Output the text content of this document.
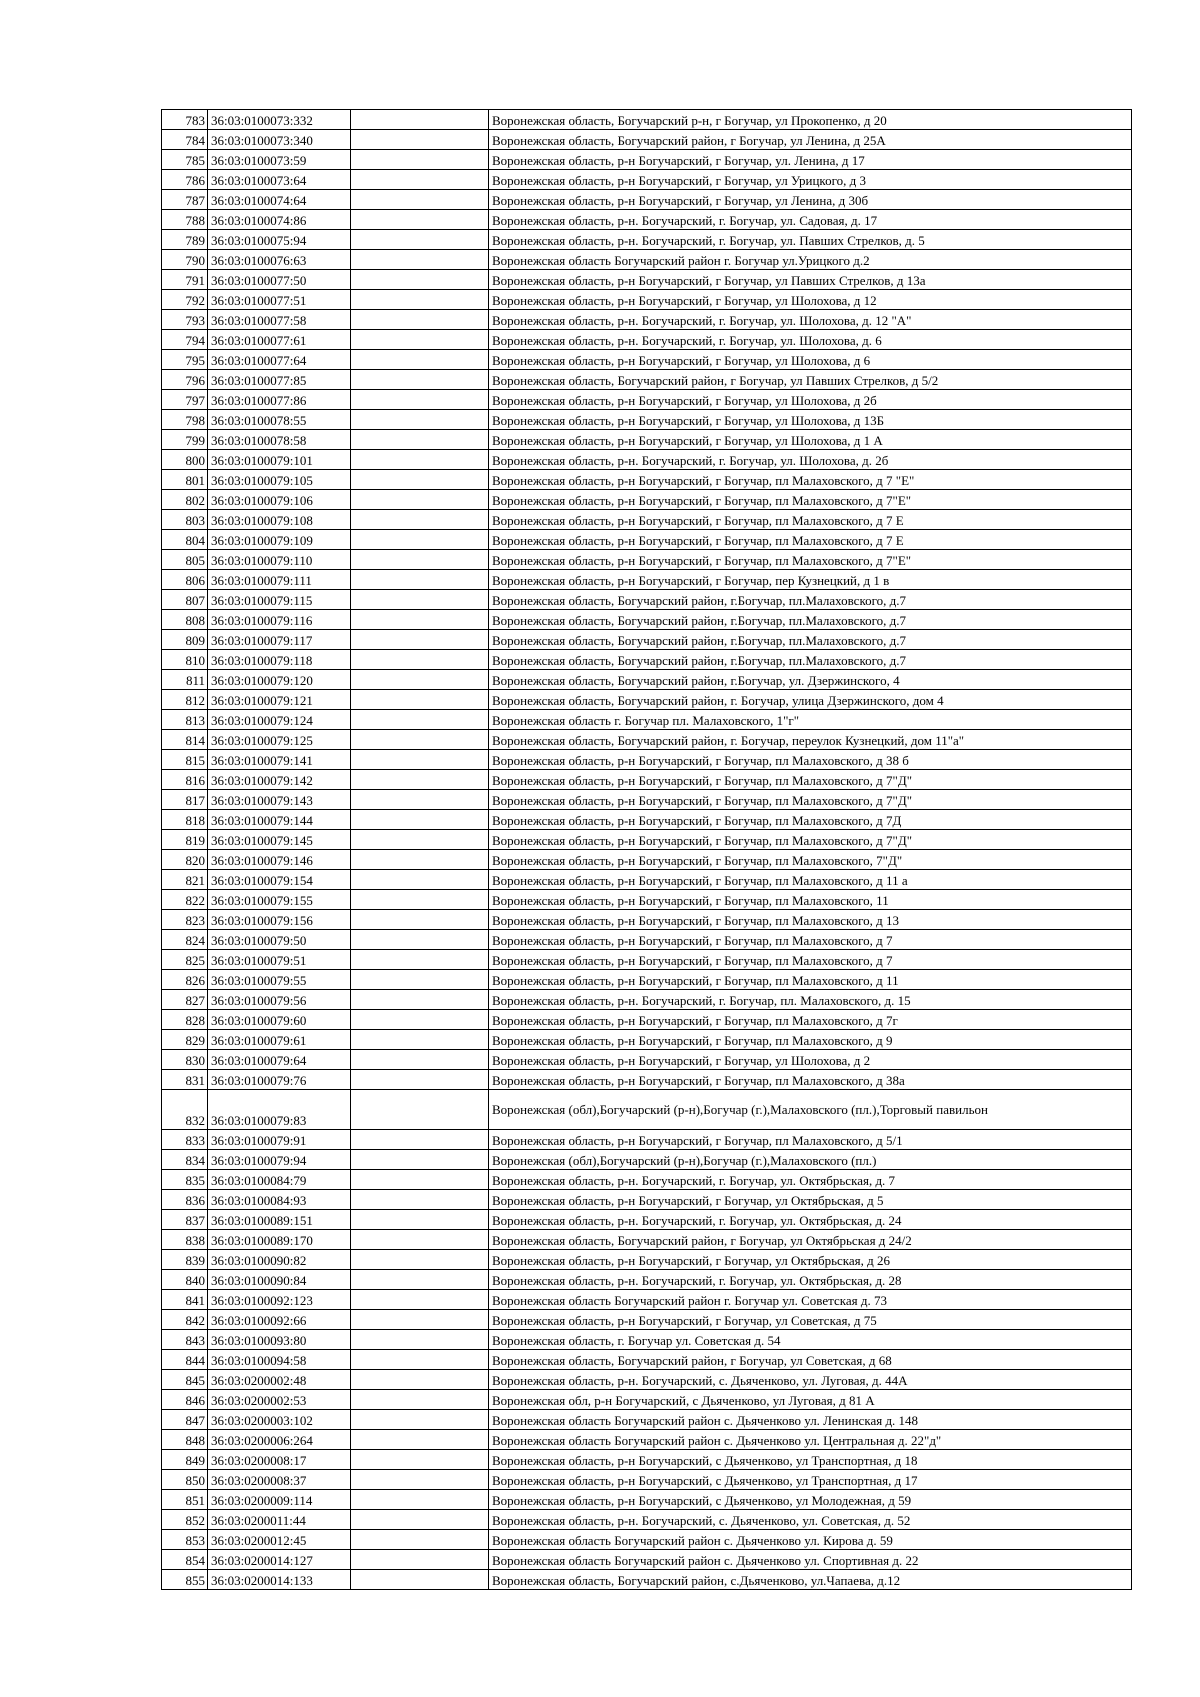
783	36:03:0100073:332		Воронежская область, Богучарский р-н, г Богучар, ул Прокопенко, д 20
784	36:03:0100073:340		Воронежская область, Богучарский район, г Богучар, ул Ленина, д 25А
785	36:03:0100073:59		Воронежская область, р-н Богучарский, г Богучар, ул. Ленина, д 17
786	36:03:0100073:64		Воронежская область, р-н Богучарский, г Богучар, ул Урицкого, д 3
787	36:03:0100074:64		Воронежская область, р-н Богучарский, г Богучар, ул Ленина, д 30б
788	36:03:0100074:86		Воронежская область, р-н. Богучарский, г. Богучар, ул. Садовая, д. 17
789	36:03:0100075:94		Воронежская область, р-н. Богучарский, г. Богучар, ул. Павших Стрелков, д. 5
790	36:03:0100076:63		Воронежская область Богучарский район г. Богучар ул.Урицкого д.2
791	36:03:0100077:50		Воронежская область, р-н Богучарский, г Богучар, ул Павших Стрелков, д 13а
792	36:03:0100077:51		Воронежская область, р-н Богучарский, г Богучар, ул Шолохова, д 12
793	36:03:0100077:58		Воронежская область, р-н. Богучарский, г. Богучар, ул. Шолохова, д. 12 "А"
794	36:03:0100077:61		Воронежская область, р-н. Богучарский, г. Богучар, ул. Шолохова, д. 6
795	36:03:0100077:64		Воронежская область, р-н Богучарский, г Богучар, ул Шолохова, д 6
796	36:03:0100077:85		Воронежская область, Богучарский район, г Богучар, ул Павших Стрелков, д 5/2
797	36:03:0100077:86		Воронежская область, р-н Богучарский, г Богучар, ул Шолохова, д 2б
798	36:03:0100078:55		Воронежская область, р-н Богучарский, г Богучар, ул Шолохова, д 13Б
799	36:03:0100078:58		Воронежская область, р-н Богучарский, г Богучар, ул Шолохова, д 1 А
800	36:03:0100079:101		Воронежская область, р-н. Богучарский, г. Богучар, ул. Шолохова, д. 2б
801	36:03:0100079:105		Воронежская область, р-н Богучарский, г Богучар, пл Малаховского, д 7 "Е"
802	36:03:0100079:106		Воронежская область, р-н Богучарский, г Богучар, пл Малаховского, д 7"Е"
803	36:03:0100079:108		Воронежская область, р-н Богучарский, г Богучар, пл Малаховского, д 7 Е
804	36:03:0100079:109		Воронежская область, р-н Богучарский, г Богучар, пл Малаховского, д 7 Е
805	36:03:0100079:110		Воронежская область, р-н Богучарский, г Богучар, пл Малаховского, д 7"Е"
806	36:03:0100079:111		Воронежская область, р-н Богучарский, г Богучар, пер Кузнецкий, д 1 в
807	36:03:0100079:115		Воронежская область, Богучарский район, г.Богучар, пл.Малаховского, д.7
808	36:03:0100079:116		Воронежская область, Богучарский район, г.Богучар, пл.Малаховского, д.7
809	36:03:0100079:117		Воронежская область, Богучарский район, г.Богучар, пл.Малаховского, д.7
810	36:03:0100079:118		Воронежская область, Богучарский район, г.Богучар, пл.Малаховского, д.7
811	36:03:0100079:120		Воронежская область, Богучарский район, г.Богучар, ул. Дзержинского, 4
812	36:03:0100079:121		Воронежская область, Богучарский район, г. Богучар, улица Дзержинского, дом 4
813	36:03:0100079:124		Воронежская область г. Богучар пл. Малаховского, 1"г"
814	36:03:0100079:125		Воронежская область, Богучарский район, г. Богучар, переулок Кузнецкий, дом 11"а"
815	36:03:0100079:141		Воронежская область, р-н Богучарский, г Богучар, пл Малаховского, д 38 б
816	36:03:0100079:142		Воронежская область, р-н Богучарский, г Богучар, пл Малаховского, д 7"Д"
817	36:03:0100079:143		Воронежская область, р-н Богучарский, г Богучар, пл Малаховского, д 7"Д"
818	36:03:0100079:144		Воронежская область, р-н Богучарский, г Богучар, пл Малаховского, д 7Д
819	36:03:0100079:145		Воронежская область, р-н Богучарский, г Богучар, пл Малаховского, д 7"Д"
820	36:03:0100079:146		Воронежская область, р-н Богучарский, г Богучар, пл Малаховского, 7"Д"
821	36:03:0100079:154		Воронежская область, р-н Богучарский, г Богучар, пл Малаховского, д 11 а
822	36:03:0100079:155		Воронежская область, р-н Богучарский, г Богучар, пл Малаховского, 11
823	36:03:0100079:156		Воронежская область, р-н Богучарский, г Богучар, пл Малаховского, д 13
824	36:03:0100079:50		Воронежская область, р-н Богучарский, г Богучар, пл Малаховского, д 7
825	36:03:0100079:51		Воронежская область, р-н Богучарский, г Богучар, пл Малаховского, д 7
826	36:03:0100079:55		Воронежская область, р-н Богучарский, г Богучар, пл Малаховского, д 11
827	36:03:0100079:56		Воронежская область, р-н. Богучарский, г. Богучар, пл. Малаховского, д. 15
828	36:03:0100079:60		Воронежская область, р-н Богучарский, г Богучар, пл Малаховского, д 7г
829	36:03:0100079:61		Воронежская область, р-н Богучарский, г Богучар, пл Малаховского, д 9
830	36:03:0100079:64		Воронежская область, р-н Богучарский, г Богучар, ул Шолохова, д 2
831	36:03:0100079:76		Воронежская область, р-н Богучарский, г Богучар, пл Малаховского, д 38а
832	36:03:0100079:83		Воронежская (обл),Богучарский (р-н),Богучар (г.),Малаховского (пл.),Торговый павильон
833	36:03:0100079:91		Воронежская область, р-н Богучарский, г Богучар, пл Малаховского, д 5/1
834	36:03:0100079:94		Воронежская (обл),Богучарский (р-н),Богучар (г.),Малаховского (пл.)
835	36:03:0100084:79		Воронежская область, р-н. Богучарский, г. Богучар, ул. Октябрьская, д. 7
836	36:03:0100084:93		Воронежская область, р-н Богучарский, г Богучар, ул Октябрьская, д 5
837	36:03:0100089:151		Воронежская область, р-н. Богучарский, г. Богучар, ул. Октябрьская, д. 24
838	36:03:0100089:170		Воронежская область, Богучарский район, г Богучар, ул Октябрьская д 24/2
839	36:03:0100090:82		Воронежская область, р-н Богучарский, г Богучар, ул Октябрьская, д 26
840	36:03:0100090:84		Воронежская область, р-н. Богучарский, г. Богучар, ул. Октябрьская, д. 28
841	36:03:0100092:123		Воронежская область Богучарский район г. Богучар ул. Советская д. 73
842	36:03:0100092:66		Воронежская область, р-н Богучарский, г Богучар, ул Советская, д 75
843	36:03:0100093:80		Воронежская область, г. Богучар ул. Советская д. 54
844	36:03:0100094:58		Воронежская область, Богучарский район, г Богучар, ул Советская, д 68
845	36:03:0200002:48		Воронежская область, р-н. Богучарский, с. Дьяченково, ул. Луговая, д. 44А
846	36:03:0200002:53		Воронежская обл, р-н Богучарский, с Дьяченково, ул Луговая, д 81 А
847	36:03:0200003:102		Воронежская область Богучарский район с. Дьяченково ул. Ленинская д. 148
848	36:03:0200006:264		Воронежская область Богучарский район с. Дьяченково ул. Центральная д. 22"д"
849	36:03:0200008:17		Воронежская область, р-н Богучарский, с Дьяченково, ул Транспортная, д 18
850	36:03:0200008:37		Воронежская область, р-н Богучарский, с Дьяченково, ул Транспортная, д 17
851	36:03:0200009:114		Воронежская область, р-н Богучарский, с Дьяченково, ул Молодежная, д 59
852	36:03:0200011:44		Воронежская область, р-н. Богучарский, с. Дьяченково, ул. Советская, д. 52
853	36:03:0200012:45		Воронежская область Богучарский район с. Дьяченково ул. Кирова д. 59
854	36:03:0200014:127		Воронежская область Богучарский район с. Дьяченково ул. Спортивная д. 22
855	36:03:0200014:133		Воронежская область, Богучарский район, с.Дьяченково, ул.Чапаева, д.12
